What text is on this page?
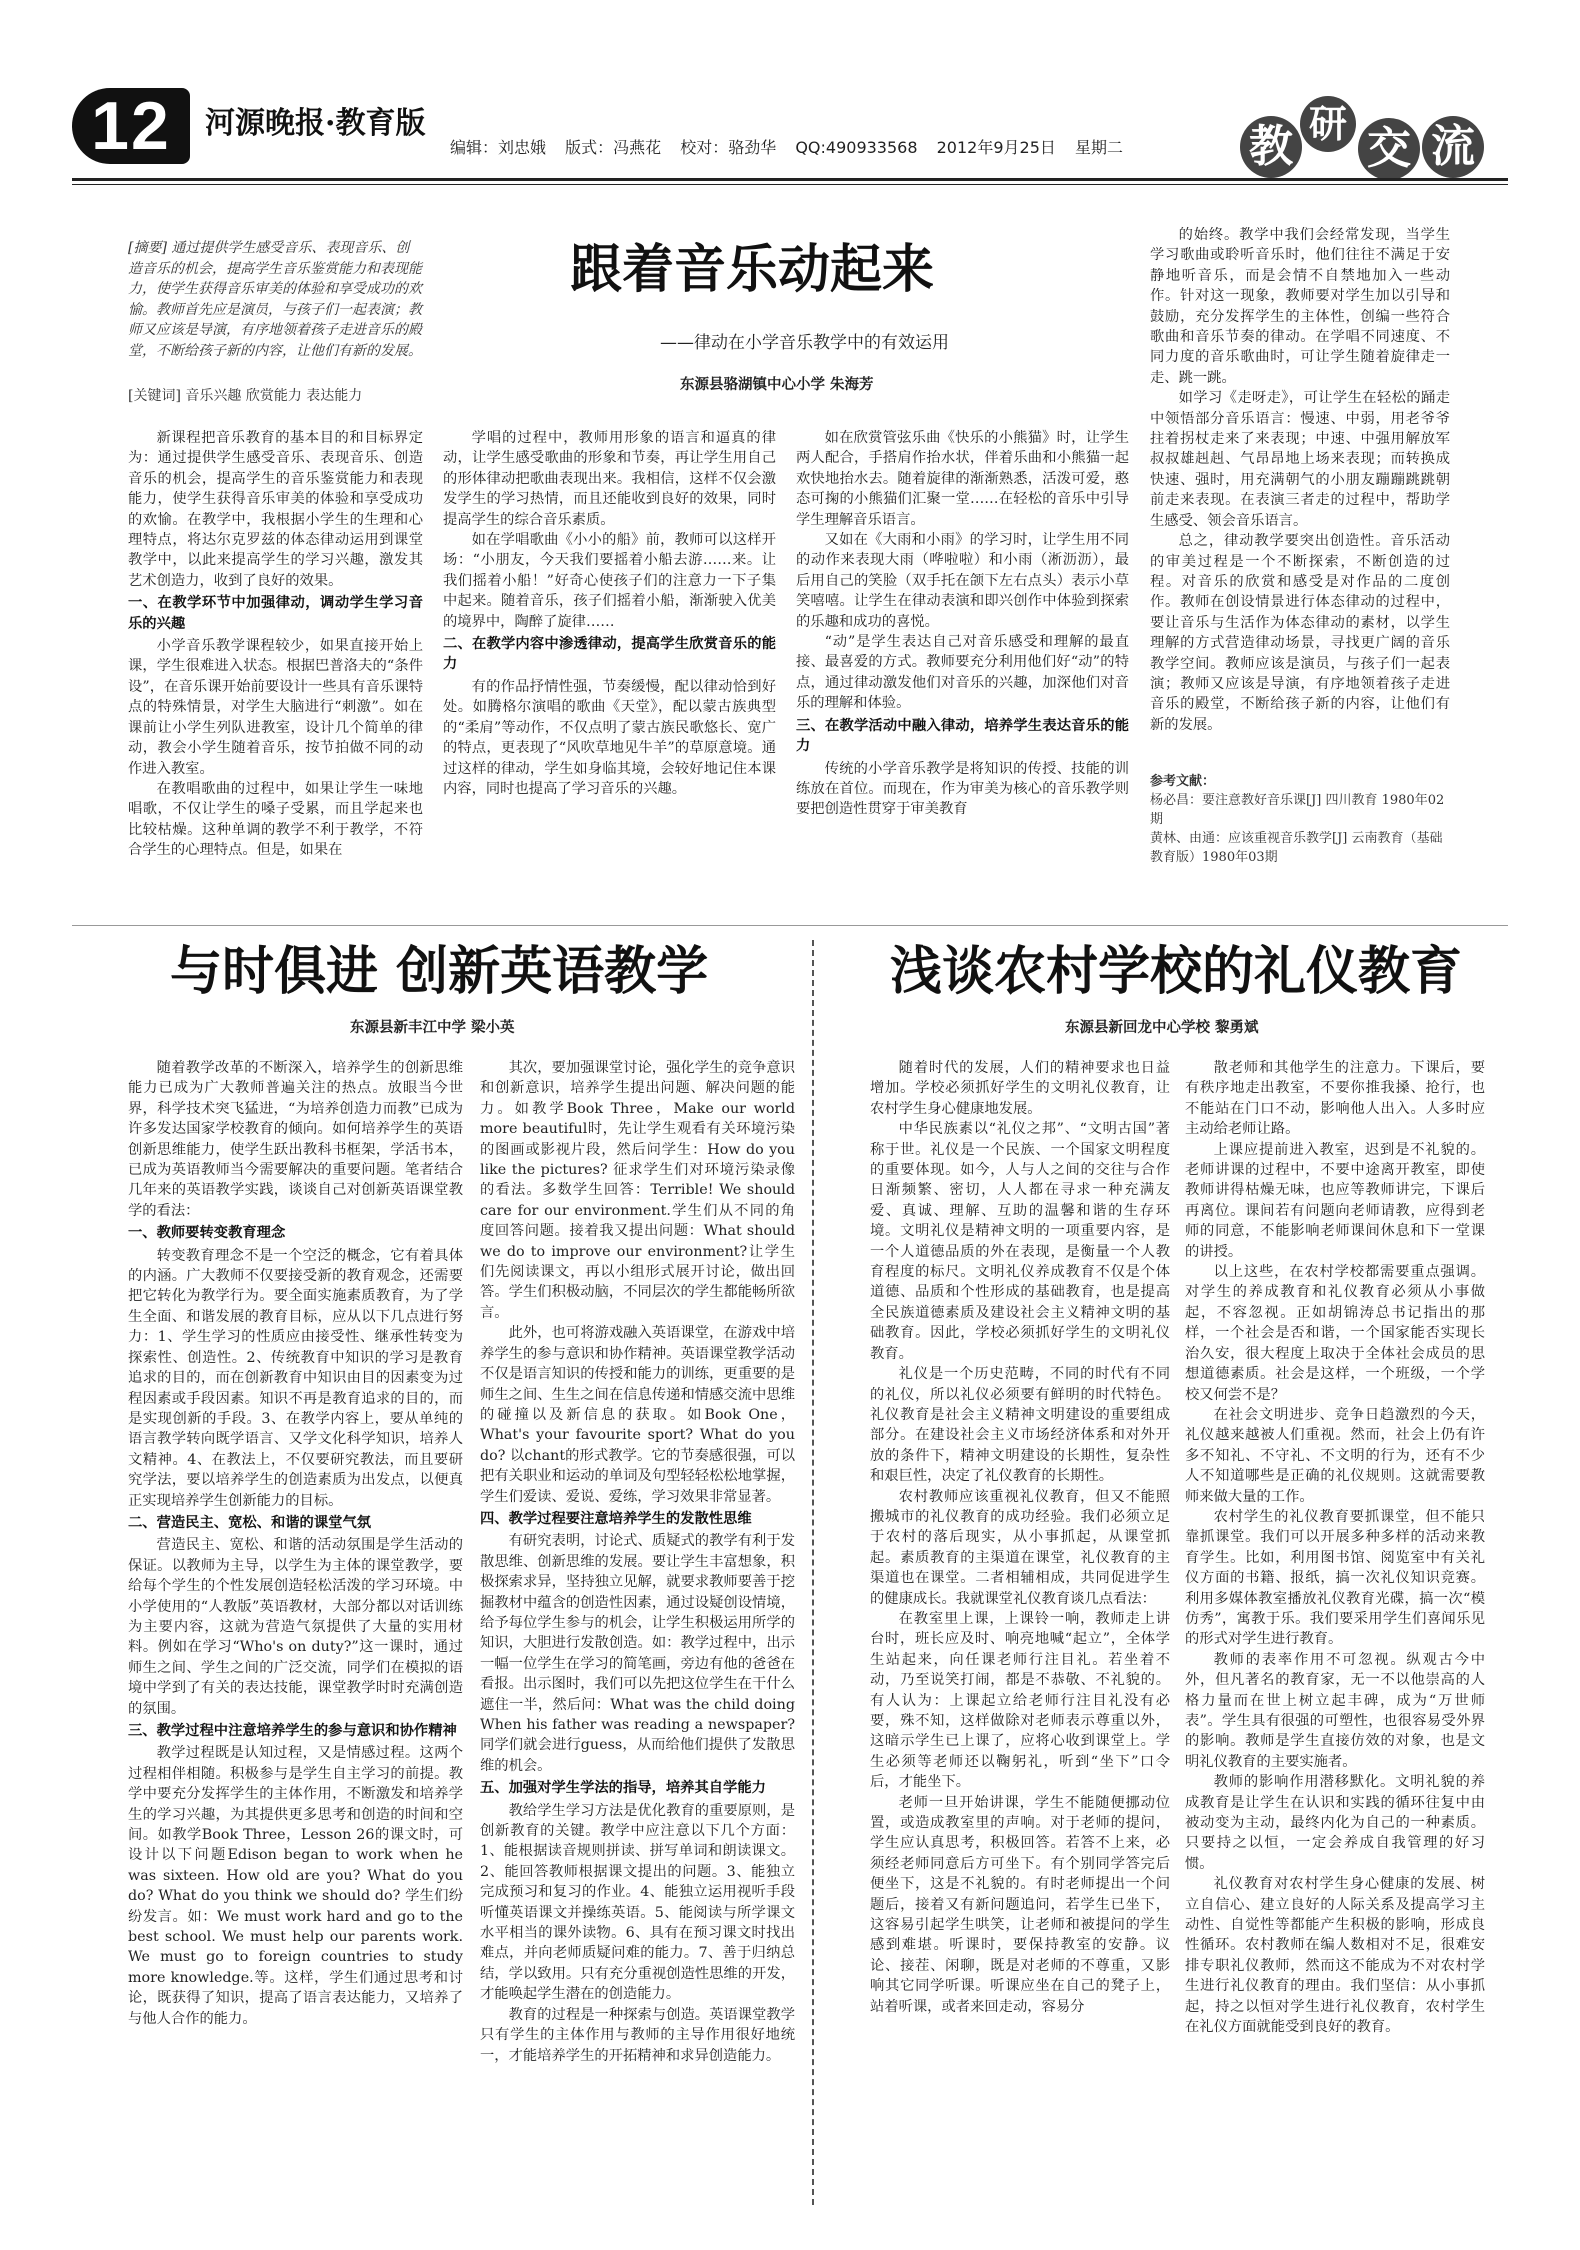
12	河源晚报·教育版
编辑：刘忠娥 版式：冯燕花 校对：骆劲华 QQ:490933568 2012年9月25日 星期二	教 研 交 流
[摘要] 通过提供学生感受音乐、表现音乐、创造音乐的机会，提高学生音乐鉴赏能力和表现能力，使学生获得音乐审美的体验和享受成功的欢愉。教师首先应是演员，与孩子们一起表演；教师又应该是导演，有序地领着孩子走进音乐的殿堂，不断给孩子新的内容，让他们有新的发展。
[关键词] 音乐兴趣 欣赏能力 表达能力
跟着音乐动起来
——律动在小学音乐教学中的有效运用
东源县骆湖镇中心小学 朱海芳

新课程把音乐教育的基本目的和目标界定为：通过提供学生感受音乐、表现音乐、创造音乐的机会，提高学生的音乐鉴赏能力和表现能力，使学生获得音乐审美的体验和享受成功的欢愉。在教学中，我根据小学生的生理和心理特点，将达尔克罗兹的体态律动运用到课堂教学中，以此来提高学生的学习兴趣，激发其艺术创造力，收到了良好的效果。

一、在教学环节中加强律动，调动学生学习音乐的兴趣

小学音乐教学课程较少，如果直接开始上课，学生很难进入状态。根据巴普洛夫的“条件设”，在音乐课开始前要设计一些具有音乐课特点的特殊情景，对学生大脑进行“刺激”。如在课前让小学生列队进教室，设计几个简单的律动，教会小学生随着音乐，按节拍做不同的动作进入教室。

在教唱歌曲的过程中，如果让学生一味地唱歌，不仅让学生的嗓子受累，而且学起来也比较枯燥。这种单调的教学不利于教学，不符合学生的心理特点。但是，如果在

学唱的过程中，教师用形象的语言和逼真的律动，让学生感受歌曲的形象和节奏，再让学生用自己的形体律动把歌曲表现出来。我相信，这样不仅会激发学生的学习热情，而且还能收到良好的效果，同时提高学生的综合音乐素质。

如在学唱歌曲《小小的船》前，教师可以这样开场：“小朋友，今天我们要摇着小船去游……来。让我们摇着小船！”好奇心使孩子们的注意力一下子集中起来。随着音乐，孩子们摇着小船，渐渐驶入优美的境界中，陶醉了旋律……

二、在教学内容中渗透律动，提高学生欣赏音乐的能力

有的作品抒情性强，节奏缓慢，配以律动恰到好处。如腾格尔演唱的歌曲《天堂》，配以蒙古族典型的“柔肩”等动作，不仅点明了蒙古族民歌悠长、宽广的特点，更表现了“风吹草地见牛羊”的草原意境。通过这样的律动，学生如身临其境，会较好地记住本课内容，同时也提高了学习音乐的兴趣。

如在欣赏管弦乐曲《快乐的小熊猫》时，让学生两人配合，手搭肩作抬水状，伴着乐曲和小熊猫一起欢快地抬水去。随着旋律的渐渐熟悉，活泼可爱，憨态可掬的小熊猫们汇聚一堂……在轻松的音乐中引导学生理解音乐语言。

又如在《大雨和小雨》的学习时，让学生用不同的动作来表现大雨（哗啦啦）和小雨（淅沥沥），最后用自己的笑脸（双手托在颌下左右点头）表示小草笑嘻嘻。让学生在律动表演和即兴创作中体验到探索的乐趣和成功的喜悦。

“动”是学生表达自己对音乐感受和理解的最直接、最喜爱的方式。教师要充分利用他们好“动”的特点，通过律动激发他们对音乐的兴趣，加深他们对音乐的理解和体验。

三、在教学活动中融入律动，培养学生表达音乐的能力

传统的小学音乐教学是将知识的传授、技能的训练放在首位。而现在，作为审美为核心的音乐教学则要把创造性贯穿于审美教育

的始终。教学中我们会经常发现，当学生学习歌曲或聆听音乐时，他们往往不满足于安静地听音乐，而是会情不自禁地加入一些动作。针对这一现象，教师要对学生加以引导和鼓励，充分发挥学生的主体性，创编一些符合歌曲和音乐节奏的律动。在学唱不同速度、不同力度的音乐歌曲时，可让学生随着旋律走一走、跳一跳。

如学习《走呀走》，可让学生在轻松的踊走中领悟部分音乐语言：慢速、中弱，用老爷爷拄着拐杖走来了来表现；中速、中强用解放军叔叔雄赳赳、气昂昂地上场来表现；而转换成快速、强时，用充满朝气的小朋友蹦蹦跳跳朝前走来表现。在表演三者走的过程中，帮助学生感受、领会音乐语言。

总之，律动教学要突出创造性。音乐活动的审美过程是一个不断探索，不断创造的过程。对音乐的欣赏和感受是对作品的二度创作。教师在创设情景进行体态律动的过程中，要让音乐与生活作为体态律动的素材，以学生理解的方式营造律动场景，寻找更广阔的音乐教学空间。教师应该是演员，与孩子们一起表演；教师又应该是导演，有序地领着孩子走进音乐的殿堂，不断给孩子新的内容，让他们有新的发展。

参考文献：

杨必昌：要注意教好音乐课[J] 四川教育 1980年02期

黄林、由通：应该重视音乐教学[J] 云南教育（基础教育版）1980年03期

与时俱进 创新英语教学
东源县新丰江中学 梁小英

随着教学改革的不断深入，培养学生的创新思维能力已成为广大教师普遍关注的热点。放眼当今世界，科学技术突飞猛进，“为培养创造力而教”已成为许多发达国家学校教育的倾向。如何培养学生的英语创新思维能力，使学生跃出教科书框架，学活书本，已成为英语教师当今需要解决的重要问题。笔者结合几年来的英语教学实践，谈谈自己对创新英语课堂教学的看法：

一、教师要转变教育理念

转变教育理念不是一个空泛的概念，它有着具体的内涵。广大教师不仅要接受新的教育观念，还需要把它转化为教学行为。要全面实施素质教育，为了学生全面、和谐发展的教育目标，应从以下几点进行努力：1、学生学习的性质应由接受性、继承性转变为探索性、创造性。2、传统教育中知识的学习是教育追求的目的，而在创新教育中知识由目的因素变为过程因素或手段因素。知识不再是教育追求的目的，而是实现创新的手段。3、在教学内容上，要从单纯的语言教学转向既学语言、又学文化科学知识，培养人文精神。4、在教法上，不仅要研究教法，而且要研究学法，要以培养学生的创造素质为出发点，以便真正实现培养学生创新能力的目标。

二、营造民主、宽松、和谐的课堂气氛

营造民主、宽松、和谐的活动氛围是学生活动的保证。以教师为主导，以学生为主体的课堂教学，要给每个学生的个性发展创造轻松活泼的学习环境。中小学使用的“人教版”英语教材，大部分都以对话训练为主要内容，这就为营造气氛提供了大量的实用材料。例如在学习“Who's on duty?”这一课时，通过师生之间、学生之间的广泛交流，同学们在模拟的语境中学到了有关的表达技能，课堂教学时时充满创造的氛围。

三、教学过程中注意培养学生的参与意识和协作精神

教学过程既是认知过程，又是情感过程。这两个过程相伴相随。积极参与是学生自主学习的前提。教学中要充分发挥学生的主体作用，不断激发和培养学生的学习兴趣，为其提供更多思考和创造的时间和空间。如教学Book Three，Lesson 26的课文时，可设计以下问题Edison began to work when he was sixteen. How old are you? What do you do? What do you think we should do? 学生们纷纷发言。如：We must work hard and go to the best school. We must help our parents work. We must go to foreign countries to study more knowledge.等。这样，学生们通过思考和讨论，既获得了知识，提高了语言表达能力，又培养了与他人合作的能力。

其次，要加强课堂讨论，强化学生的竞争意识和创新意识，培养学生提出问题、解决问题的能力。如教学Book Three，Make our world more beautiful时，先让学生观看有关环境污染的图画或影视片段，然后问学生：How do you like the pictures? 征求学生们对环境污染录像的看法。多数学生回答：Terrible! We should care for our environment.学生们从不同的角度回答问题。接着我又提出问题：What should we do to improve our environment?让学生们先阅读课文，再以小组形式展开讨论，做出回答。学生们积极动脑，不同层次的学生都能畅所欲言。

此外，也可将游戏融入英语课堂，在游戏中培养学生的参与意识和协作精神。英语课堂教学活动不仅是语言知识的传授和能力的训练，更重要的是师生之间、生生之间在信息传递和情感交流中思维的碰撞以及新信息的获取。如Book One，What's your favourite sport? What do you do? 以chant的形式教学。它的节奏感很强，可以把有关职业和运动的单词及句型轻轻松松地掌握，学生们爱读、爱说、爱练，学习效果非常显著。

四、教学过程要注意培养学生的发散性思维

有研究表明，讨论式、质疑式的教学有利于发散思维、创新思维的发展。要让学生丰富想象，积极探索求异，坚持独立见解，就要求教师要善于挖掘教材中蕴含的创造性因素，通过设疑创设情境，给予每位学生参与的机会，让学生积极运用所学的知识，大胆进行发散创造。如：教学过程中，出示一幅一位学生在学习的简笔画，旁边有他的爸爸在看报。出示图时，我们可以先把这位学生在干什么遮住一半，然后问：What was the child doing When his father was reading a newspaper?同学们就会进行guess，从而给他们提供了发散思维的机会。

五、加强对学生学法的指导，培养其自学能力

教给学生学习方法是优化教育的重要原则，是创新教育的关键。教学中应注意以下几个方面：1、能根据读音规则拼读、拼写单词和朗读课文。2、能回答教师根据课文提出的问题。3、能独立完成预习和复习的作业。4、能独立运用视听手段听懂英语课文并操练英语。5、能阅读与所学课文水平相当的课外读物。6、具有在预习课文时找出难点，并向老师质疑问难的能力。7、善于归纳总结，学以致用。只有充分重视创造性思维的开发，才能唤起学生潜在的创造能力。

教育的过程是一种探索与创造。英语课堂教学只有学生的主体作用与教师的主导作用很好地统一，才能培养学生的开拓精神和求异创造能力。

浅谈农村学校的礼仪教育
东源县新回龙中心学校 黎勇斌

随着时代的发展，人们的精神要求也日益增加。学校必须抓好学生的文明礼仪教育，让农村学生身心健康地发展。

中华民族素以“礼仪之邦”、“文明古国”著称于世。礼仪是一个民族、一个国家文明程度的重要体现。如今，人与人之间的交往与合作日渐频繁、密切，人人都在寻求一种充满友爱、真诚、理解、互助的温馨和谐的生存环境。文明礼仪是精神文明的一项重要内容，是一个人道德品质的外在表现，是衡量一个人教育程度的标尺。文明礼仪养成教育不仅是个体道德、品质和个性形成的基础教育，也是提高全民族道德素质及建设社会主义精神文明的基础教育。因此，学校必须抓好学生的文明礼仪教育。

礼仪是一个历史范畴，不同的时代有不同的礼仪，所以礼仪必须要有鲜明的时代特色。礼仪教育是社会主义精神文明建设的重要组成部分。在建设社会主义市场经济体系和对外开放的条件下，精神文明建设的长期性，复杂性和艰巨性，决定了礼仪教育的长期性。

农村教师应该重视礼仪教育，但又不能照搬城市的礼仪教育的成功经验。我们必须立足于农村的落后现实，从小事抓起，从课堂抓起。素质教育的主渠道在课堂，礼仪教育的主渠道也在课堂。二者相辅相成，共同促进学生的健康成长。我就课堂礼仪教育谈几点看法：

在教室里上课，上课铃一响，教师走上讲台时，班长应及时、响亮地喊“起立”，全体学生站起来，向任课老师行注目礼。若坐着不动，乃至说笑打闹，都是不恭敬、不礼貌的。有人认为：上课起立给老师行注目礼没有必要，殊不知，这样做除对老师表示尊重以外，这暗示学生已上课了，应将心收到课堂上。学生必须等老师还以鞠躬礼，听到“坐下”口令后，才能坐下。

老师一旦开始讲课，学生不能随便挪动位置，或造成教室里的声响。对于老师的提问，学生应认真思考，积极回答。若答不上来，必须经老师同意后方可坐下。有个别同学答完后便坐下，这是不礼貌的。有时老师提出一个问题后，接着又有新问题追问，若学生已坐下，这容易引起学生哄笑，让老师和被提问的学生感到难堪。听课时，要保持教室的安静。议论、接茬、闲聊，既是对老师的不尊重，又影响其它同学听课。听课应坐在自己的凳子上，站着听课，或者来回走动，容易分

散老师和其他学生的注意力。下课后，要有秩序地走出教室，不要你推我搡、抢行，也不能站在门口不动，影响他人出入。人多时应主动给老师让路。

上课应提前进入教室，迟到是不礼貌的。老师讲课的过程中，不要中途离开教室，即使教师讲得枯燥无味，也应等教师讲完，下课后再离位。课间若有问题向老师请教，应得到老师的同意，不能影响老师课间休息和下一堂课的讲授。

以上这些，在农村学校都需要重点强调。对学生的养成教育和礼仪教育必须从小事做起，不容忽视。正如胡锦涛总书记指出的那样，一个社会是否和谐，一个国家能否实现长治久安，很大程度上取决于全体社会成员的思想道德素质。社会是这样，一个班级，一个学校又何尝不是？

在社会文明进步、竞争日趋激烈的今天，礼仪越来越被人们重视。然而，社会上仍有许多不知礼、不守礼、不文明的行为，还有不少人不知道哪些是正确的礼仪规则。这就需要教师来做大量的工作。

农村学生的礼仪教育要抓课堂，但不能只靠抓课堂。我们可以开展多种多样的活动来教育学生。比如，利用图书馆、阅览室中有关礼仪方面的书籍、报纸，搞一次礼仪知识竞赛。利用多媒体教室播放礼仪教育光碟，搞一次“模仿秀”，寓教于乐。我们要采用学生们喜闻乐见的形式对学生进行教育。

教师的表率作用不可忽视。纵观古今中外，但凡著名的教育家，无一不以他崇高的人格力量而在世上树立起丰碑，成为“万世师表”。学生具有很强的可塑性，也很容易受外界的影响。教师是学生直接仿效的对象，也是文明礼仪教育的主要实施者。

教师的影响作用潜移默化。文明礼貌的养成教育是让学生在认识和实践的循环往复中由被动变为主动，最终内化为自己的一种素质。只要持之以恒，一定会养成自我管理的好习惯。

礼仪教育对农村学生身心健康的发展、树立自信心、建立良好的人际关系及提高学习主动性、自觉性等都能产生积极的影响，形成良性循环。农村教师在编人数相对不足，很难安排专职礼仪教师，然而这不能成为不对农村学生进行礼仪教育的理由。我们坚信：从小事抓起，持之以恒对学生进行礼仪教育，农村学生在礼仪方面就能受到良好的教育。
